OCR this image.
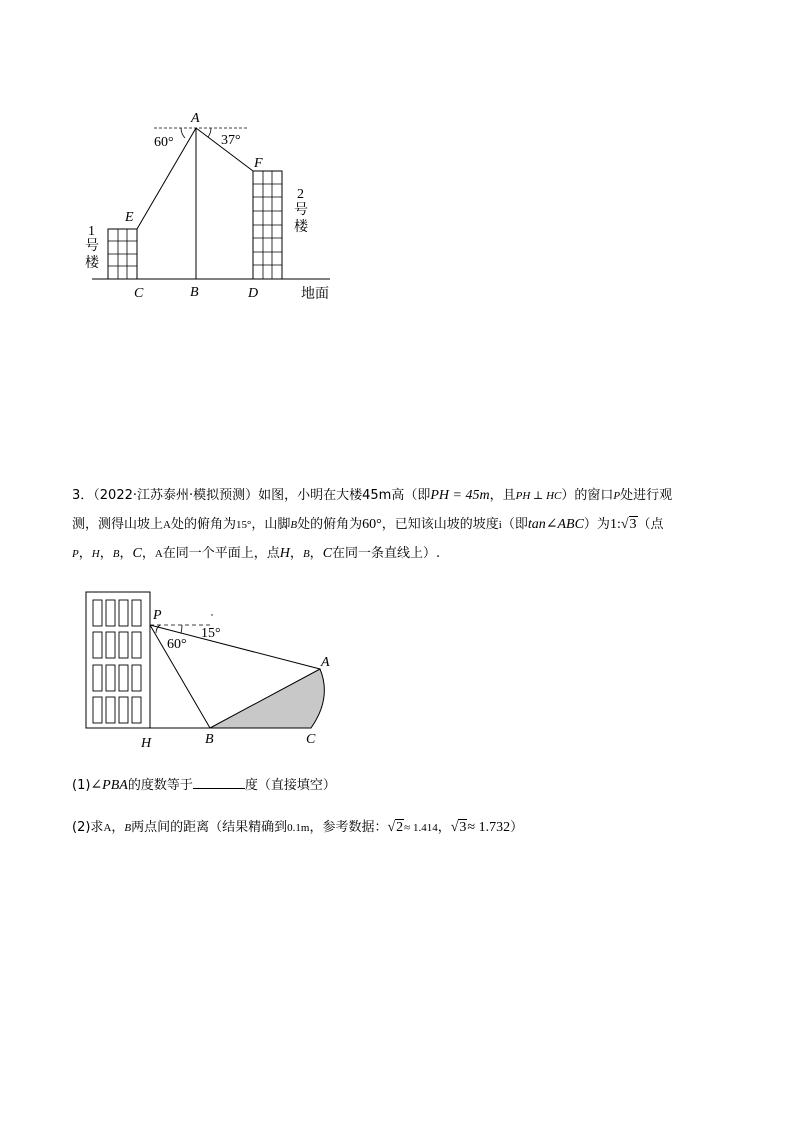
A
60°	37°
F
E
C	B	D	地面
1
号
楼
2
号
楼
3．（2022·江苏泰州·模拟预测）如图，小明在大楼45m高（即PH = 45m，且PH ⊥ HC）的窗口P处进行观
测，测得山坡上A处的俯角为15°，山脚B处的俯角为60°，已知该山坡的坡度i（即tan∠ABC）为1:√3（点
P，H，B，C，A在同一个平面上，点H，B，C在同一条直线上）.
P
60°
15°
A
H	B	C
(1)∠PBA的度数等于	度（直接填空）
(2)求A，B两点间的距离（结果精确到0.1m，参考数据：√2≈ 1.414，√3≈ 1.732）
